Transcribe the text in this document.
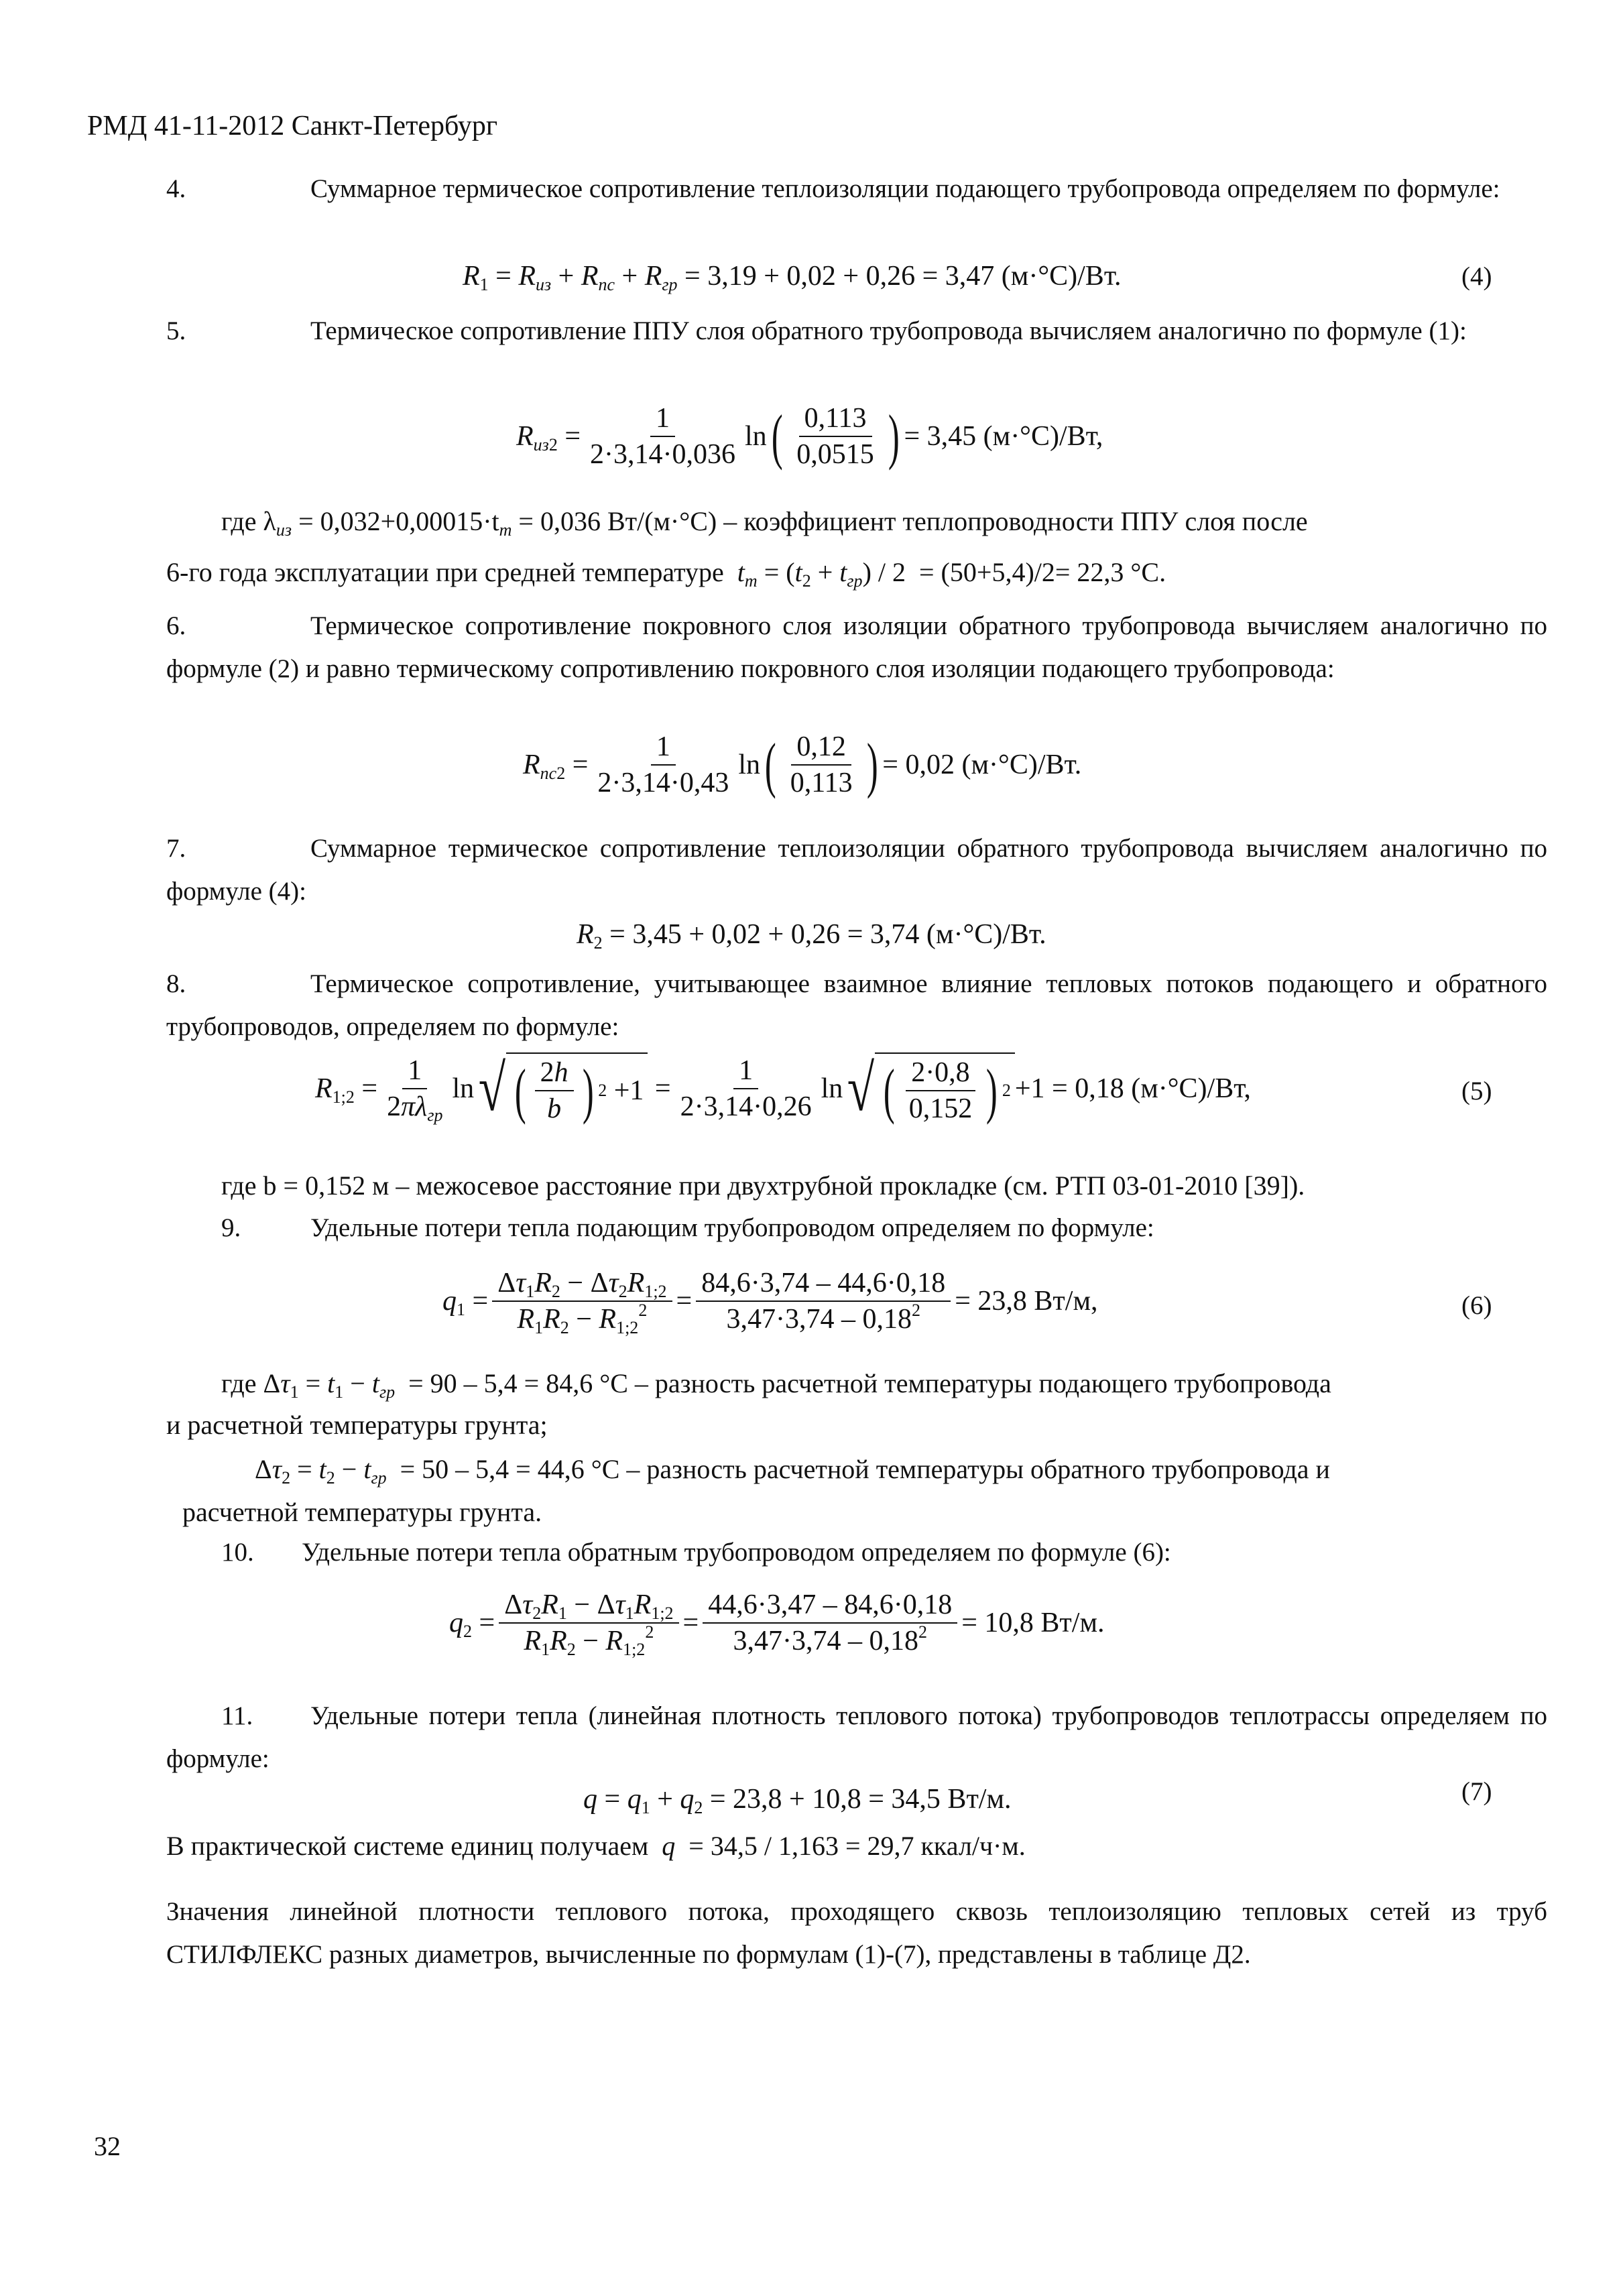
РМД 41-11-2012 Санкт-Петербург
4.	Суммарное термическое сопротивление теплоизоляции подающего трубопровода определяем по формуле:
$R_1 = R_{из} + R_{пс} + R_{гр} = 3,19 + 0,02 + 0,26 = 3,47$ (м·°С)/Вт.	(4)
Термическое сопротивление ППУ слоя обратного трубопровода вычисляем аналогично по формуле (1):
5.
$R_{из2} = \frac{1}{2\cdot 3,14\cdot 0,036}$ ln ( $\frac{0,113}{0,0515}$ ) = 3,45 (м·°С)/Вт,
где $\lambda_{из} = 0,032+0,00015\cdot t_m = 0,036$ Вт/(м·°С) – коэффициент теплопроводности ППУ слоя после
6-го года эксплуатации при средней температуре $t_m = (t_2 + t_{гр}) / 2 = (50+5,4)/2= 22,3$ °С.
Термическое сопротивление покровного слоя изоляции обратного трубопровода вычисляем аналогично по формуле (2) и равно термическому сопротивлению покровного слоя изоляции подающего трубопровода:
6.
$R_{пс2} = \frac{1}{2\cdot 3,14\cdot 0,43}$ ln ( $\frac{0,12}{0,113}$ ) = 0,02 (м·°С)/Вт.
Суммарное термическое сопротивление теплоизоляции обратного трубопровода вычисляем аналогично по формуле (4):
7.
$R_2 = 3,45 + 0,02 + 0,26 = 3,74$ (м·°С)/Вт.
Термическое сопротивление, учитывающее взаимное влияние тепловых потоков подающего и обратного трубопроводов, определяем по формуле:
8.
$R_{1;2} = \frac{1}{2\pi\lambda_{гр}}$ ln √ ( $\frac{2h}{b}$ ) $2 +1 = \frac{1}{2\cdot 3,14\cdot 0,26}$ ln √ ( $\frac{2\cdot 0,8}{0,152}$ ) 2 +1 = 0,18 (м·°С)/Вт,	(5)
где b = 0,152 м – межосевое расстояние при двухтрубной прокладке (см. РТП 03-01-2010 [39]).
9.	Удельные потери тепла подающим трубопроводом определяем по формуле:
$q_1 = \frac{\Delta\tau_1R_2 - \Delta\tau_2R_{1;2}}{R_1R_2 - R_{1;2}^2} = \frac{84,6\cdot 3,74 - 44,6\cdot 0,18}{3,47\cdot 3,74 - 0,18^2} = 23,8$ Вт/м,	(6)
где $\Delta\tau_1 = t_1 - t_{гр} = 90 - 5,4 = 84,6$ °С – разность расчетной температуры подающего трубопровода
и расчетной температуры грунта;
$\Delta\tau_2 = t_2 - t_{гр} = 50 - 5,4 = 44,6$ °С – разность расчетной температуры обратного трубопровода и
расчетной температуры грунта.
10. Удельные потери тепла обратным трубопроводом определяем по формуле (6):
$q_2 = \frac{\Delta\tau_2R_1 - \Delta\tau_1R_{1;2}}{R_1R_2 - R_{1;2}^2} = \frac{44,6\cdot 3,47 - 84,6\cdot 0,18}{3,47\cdot 3,74 - 0,18^2} = 10,8$ Вт/м.
Удельные потери тепла (линейная плотность теплового потока) трубопроводов теплотрассы определяем по формуле:
11.
$q = q_1 + q_2 = 23,8 + 10,8 = 34,5$ Вт/м.	(7)
В практической системе единиц получаем q = 34,5 / 1,163 = 29,7 ккал/ч·м.
Значения линейной плотности теплового потока, проходящего сквозь теплоизоляцию тепловых сетей из труб СТИЛФЛЕКС разных диаметров, вычисленные по формулам (1)-(7), представлены в таблице Д2.
32
